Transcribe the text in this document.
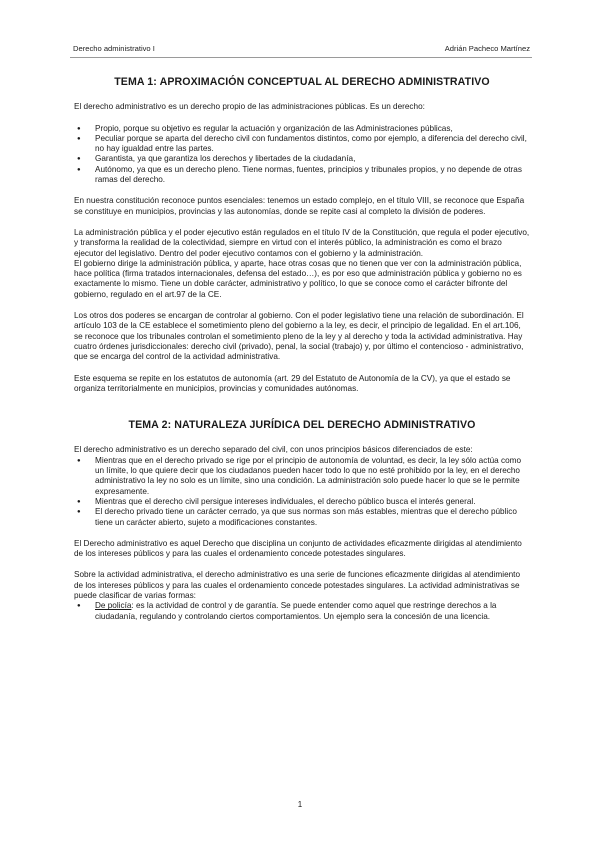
Derecho administrativo I	Adrián Pacheco Martínez
TEMA 1: APROXIMACIÓN CONCEPTUAL AL DERECHO ADMINISTRATIVO

El derecho administrativo es un derecho propio de las administraciones públicas. Es un derecho:

● Propio, porque su objetivo es regular la actuación y organización de las Administraciones públicas,
● Peculiar porque se aparta del derecho civil con fundamentos distintos, como por ejemplo, a diferencia del derecho civil, no hay igualdad entre las partes.
● Garantista, ya que garantiza los derechos y libertades de la ciudadanía,
● Autónomo, ya que es un derecho pleno. Tiene normas, fuentes, principios y tribunales propios, y no depende de otras ramas del derecho.

En nuestra constitución reconoce puntos esenciales: tenemos un estado complejo, en el título VIII, se reconoce que España se constituye en municipios, provincias y las autonomías, donde se repite casi al completo la división de poderes.

La administración pública y el poder ejecutivo están regulados en el título IV de la Constitución, que regula el poder ejecutivo, y transforma la realidad de la colectividad, siempre en virtud con el interés público, la administración es como el brazo ejecutor del legislativo. Dentro del poder ejecutivo contamos con el gobierno y la administración.

El gobierno dirige la administración pública, y aparte, hace otras cosas que no tienen que ver con la administración pública, hace política (firma tratados internacionales, defensa del estado…), es por eso que administración pública y gobierno no es exactamente lo mismo. Tiene un doble carácter, administrativo y político, lo que se conoce como el carácter bifronte del gobierno, regulado en el art.97 de la CE.

Los otros dos poderes se encargan de controlar al gobierno. Con el poder legislativo tiene una relación de subordinación. El artículo 103 de la CE establece el sometimiento pleno del gobierno a la ley, es decir, el principio de legalidad. En el art.106, se reconoce que los tribunales controlan el sometimiento pleno de la ley y al derecho y toda la actividad administrativa. Hay cuatro órdenes jurisdiccionales: derecho civil (privado), penal, la social (trabajo) y, por último el contencioso - administrativo, que se encarga del control de la actividad administrativa.

Este esquema se repite en los estatutos de autonomía (art. 29 del Estatuto de Autonomía de la CV), ya que el estado se organiza territorialmente en municipios, provincias y comunidades autónomas.

TEMA 2: NATURALEZA JURÍDICA DEL DERECHO ADMINISTRATIVO

El derecho administrativo es un derecho separado del civil, con unos principios básicos diferenciados de este:

● Mientras que en el derecho privado se rige por el principio de autonomía de voluntad, es decir, la ley sólo actúa como un límite, lo que quiere decir que los ciudadanos pueden hacer todo lo que no esté prohibido por la ley, en el derecho administrativo la ley no solo es un límite, sino una condición. La administración solo puede hacer lo que se le permite expresamente.
● Mientras que el derecho civil persigue intereses individuales, el derecho público busca el interés general.
● El derecho privado tiene un carácter cerrado, ya que sus normas son más estables, mientras que el derecho público tiene un carácter abierto, sujeto a modificaciones constantes.

El Derecho administrativo es aquel Derecho que disciplina un conjunto de actividades eficazmente dirigidas al atendimiento de los intereses públicos y para las cuales el ordenamiento concede potestades singulares.

Sobre la actividad administrativa, el derecho administrativo es una serie de funciones eficazmente dirigidas al atendimiento de los intereses públicos y para las cuales el ordenamiento concede potestades singulares. La actividad administrativas se puede clasificar de varias formas:

● De policía: es la actividad de control y de garantía. Se puede entender como aquel que restringe derechos a la ciudadanía, regulando y controlando ciertos comportamientos. Un ejemplo sera la concesión de una licencia.
1
